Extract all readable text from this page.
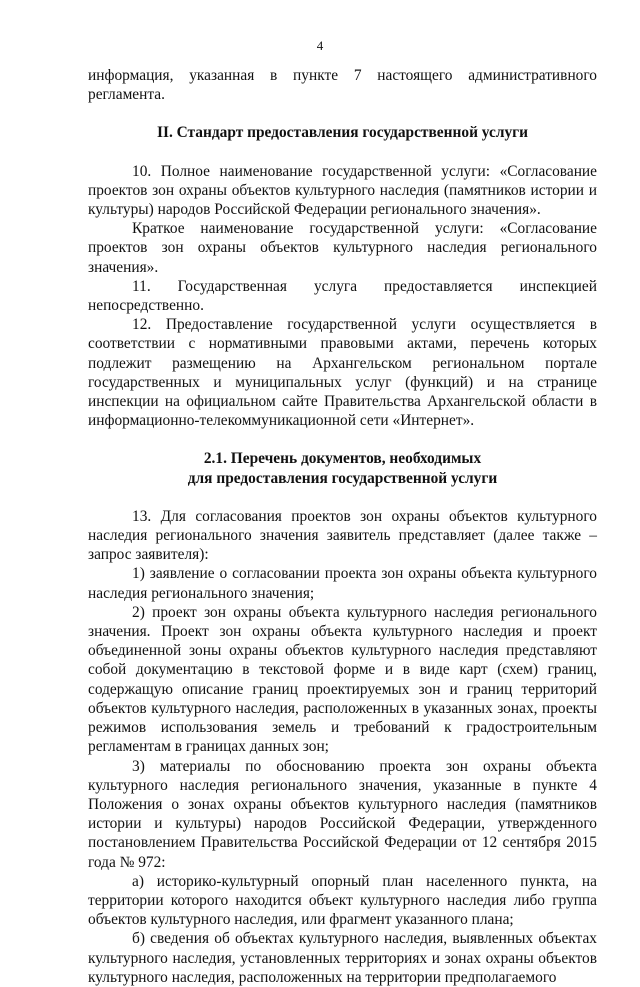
4

информация, указанная в пункте 7 настоящего административного регламента.

II. Стандарт предоставления государственной услуги

10. Полное наименование государственной услуги: «Согласование проектов зон охраны объектов культурного наследия (памятников истории и культуры) народов Российской Федерации регионального значения».

Краткое наименование государственной услуги: «Согласование проектов зон охраны объектов культурного наследия регионального значения».

11. Государственная услуга предоставляется инспекцией непосредственно.

12. Предоставление государственной услуги осуществляется в соответствии с нормативными правовыми актами, перечень которых подлежит размещению на Архангельском региональном портале государственных и муниципальных услуг (функций) и на странице инспекции на официальном сайте Правительства Архангельской области в информационно-телекоммуникационной сети «Интернет».

2.1. Перечень документов, необходимых

для предоставления государственной услуги

13. Для согласования проектов зон охраны объектов культурного наследия регионального значения заявитель представляет (далее также – запрос заявителя):

1) заявление о согласовании проекта зон охраны объекта культурного наследия регионального значения;

2) проект зон охраны объекта культурного наследия регионального значения. Проект зон охраны объекта культурного наследия и проект объединенной зоны охраны объектов культурного наследия представляют собой документацию в текстовой форме и в виде карт (схем) границ, содержащую описание границ проектируемых зон и границ территорий объектов культурного наследия, расположенных в указанных зонах, проекты режимов использования земель и требований к градостроительным регламентам в границах данных зон;

3) материалы по обоснованию проекта зон охраны объекта культурного наследия регионального значения, указанные в пункте 4 Положения о зонах охраны объектов культурного наследия (памятников истории и культуры) народов Российской Федерации, утвержденного постановлением Правительства Российской Федерации от 12 сентября 2015 года № 972:

а) историко-культурный опорный план населенного пункта, на территории которого находится объект культурного наследия либо группа объектов культурного наследия, или фрагмент указанного плана;

б) сведения об объектах культурного наследия, выявленных объектах культурного наследия, установленных территориях и зонах охраны объектов культурного наследия, расположенных на территории предполагаемого
